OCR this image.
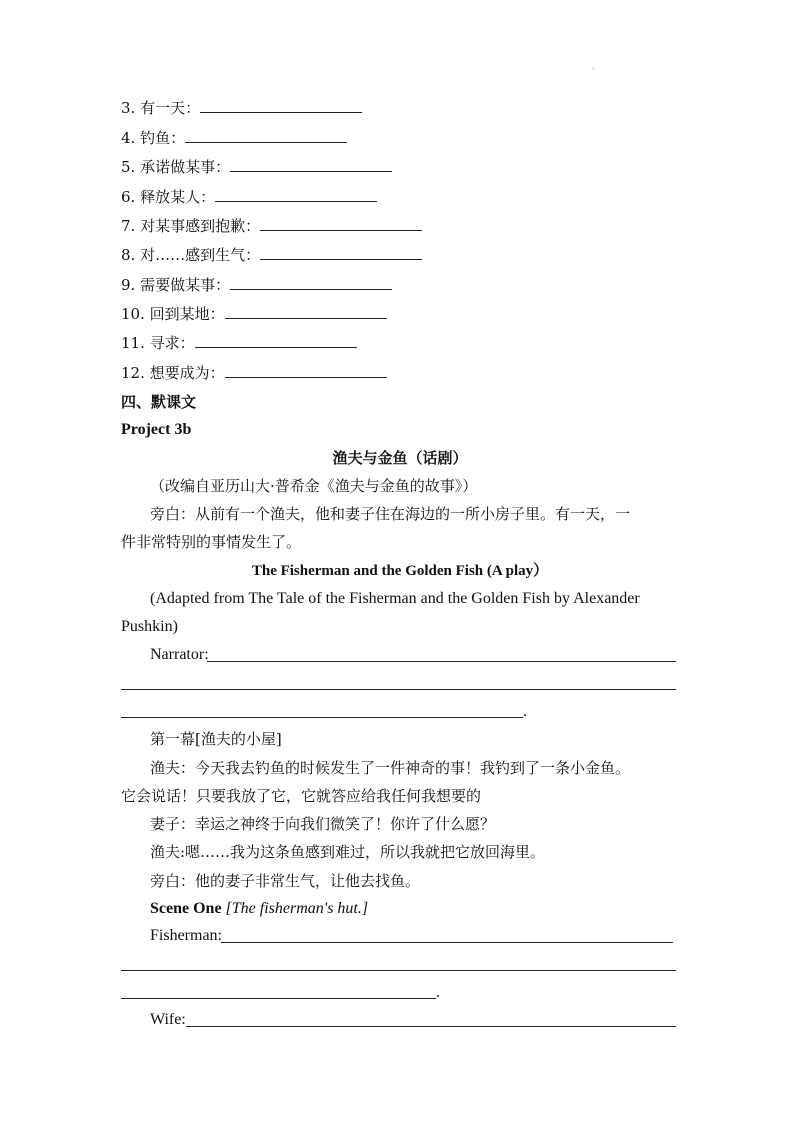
.
3. 有一天：
4. 钓鱼：
5. 承诺做某事：
6. 释放某人：
7. 对某事感到抱歉：
8. 对……感到生气：
9. 需要做某事：
10. 回到某地：
11. 寻求：
12. 想要成为：
四、默课文
Project 3b
渔夫与金鱼（话剧）
（改编自亚历山大·普希金《渔夫与金鱼的故事》）
旁白：从前有一个渔夫，他和妻子住在海边的一所小房子里。有一天，一
件非常特别的事情发生了。
The Fisherman and the Golden Fish (A play）
(Adapted from The Tale of the Fisherman and the Golden Fish by Alexander
Pushkin)
Narrator:
.
第一幕[渔夫的小屋]
渔夫：今天我去钓鱼的时候发生了一件神奇的事！我钓到了一条小金鱼。
它会说话！只要我放了它，它就答应给我任何我想要的
妻子：幸运之神终于向我们微笑了！你许了什么愿？
渔夫:嗯……我为这条鱼感到难过，所以我就把它放回海里。
旁白：他的妻子非常生气，让他去找鱼。
Scene One [The fisherman's hut.]
Fisherman:
.
Wife:
